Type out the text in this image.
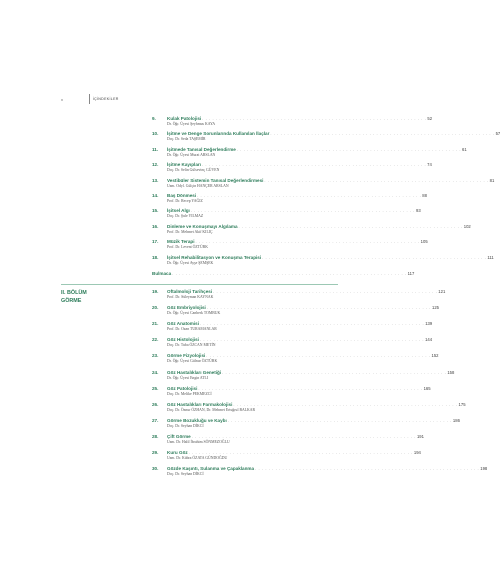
x	İÇİNDEKİLER
9. Kulak Patolojisi . . . . . . . . . . . . . . . . . . . . . . . . . . . . . . . . . . . . . . . . . . . . . . . . . . . . . . . . . . . . . . . . . . 52
Dr. Öğr. Üyesi Şeyhmus KAYA
10. İşitme ve Denge Sorunlarında Kullanılan İlaçlar . . . . . . . . . . . . . . . . . . . . . . . . . . . . . . . . . . . . . . . . . . . . . . . . . . . . . . . . . . . . . . . . . . 57
Doç. Dr. Seda TAŞEMİR
11. İşitmede Tanısal Değerlendirme . . . . . . . . . . . . . . . . . . . . . . . . . . . . . . . . . . . . . . . . . . . . . . . . . . . . . . . . . . . . . . . . . . 61
Dr. Öğr. Üyesi Murat ARSLAN
12. İşitme Kayıpları . . . . . . . . . . . . . . . . . . . . . . . . . . . . . . . . . . . . . . . . . . . . . . . . . . . . . . . . . . . . . . . . . . 74
Doç. Dr. Selin Gülsevinç GÜVEN
13. Vestibüler Sistemin Tanısal Değerlendirmesi . . . . . . . . . . . . . . . . . . . . . . . . . . . . . . . . . . . . . . . . . . . . . . . . . . . . . . . . . . . . . . . . . . 81
Uzm. Odyl. Gülçin HANÇER ARSLAN
14. Baş Dönmesi . . . . . . . . . . . . . . . . . . . . . . . . . . . . . . . . . . . . . . . . . . . . . . . . . . . . . . . . . . . . . . . . . . 88
Prof. Dr. Recep YAĞIZ
15. İşitsel Algı . . . . . . . . . . . . . . . . . . . . . . . . . . . . . . . . . . . . . . . . . . . . . . . . . . . . . . . . . . . . . . . . . . 93
Doç. Dr. Şule YILMAZ
16. Dinleme ve Konuşmayı Algılama . . . . . . . . . . . . . . . . . . . . . . . . . . . . . . . . . . . . . . . . . . . . . . . . . . . . . . . . . . . . . . . . . . 102
Prof. Dr. Mehmet Akif KILIÇ
17. Müzik Terapi . . . . . . . . . . . . . . . . . . . . . . . . . . . . . . . . . . . . . . . . . . . . . . . . . . . . . . . . . . . . . . . . . . 105
Prof. Dr. Levent ÖZTÜRK
18. İşitsel Rehabilitasyon ve Konuşma Terapisi . . . . . . . . . . . . . . . . . . . . . . . . . . . . . . . . . . . . . . . . . . . . . . . . . . . . . . . . . . . . . . . . . . 111
Dr. Öğr. Üyesi Ayşe ŞEMŞEK
Bulmaca . . . . . . . . . . . . . . . . . . . . . . . . . . . . . . . . . . . . . . . . . . . . . . . . . . . . . . . . . . . . . . . . . . . . . 117
II. BÖLÜM
GÖRME
19. Oftalmoloji Tarihçesi . . . . . . . . . . . . . . . . . . . . . . . . . . . . . . . . . . . . . . . . . . . . . . . . . . . . . . . . . . . . . . . . . . 121
Prof. Dr. Süleyman KAYNAK
20. Göz Embriyolojisi . . . . . . . . . . . . . . . . . . . . . . . . . . . . . . . . . . . . . . . . . . . . . . . . . . . . . . . . . . . . . . . . . . 125
Dr. Öğr. Üyesi Canberk TOMBUK
21. Göz Anatomisi . . . . . . . . . . . . . . . . . . . . . . . . . . . . . . . . . . . . . . . . . . . . . . . . . . . . . . . . . . . . . . . . . . 139
Prof. Dr. Ozan TURAMANLAR
22. Göz Histolojisi . . . . . . . . . . . . . . . . . . . . . . . . . . . . . . . . . . . . . . . . . . . . . . . . . . . . . . . . . . . . . . . . . . 144
Doç. Dr. Tuba ÖZCAN METİN
23. Görme Fizyolojisi . . . . . . . . . . . . . . . . . . . . . . . . . . . . . . . . . . . . . . . . . . . . . . . . . . . . . . . . . . . . . . . . . . 152
Dr. Öğr. Üyesi Gülnur ÖZTÜRK
24. Göz Hastalıkları Genetiği . . . . . . . . . . . . . . . . . . . . . . . . . . . . . . . . . . . . . . . . . . . . . . . . . . . . . . . . . . . . . . . . . . 158
Dr. Öğr. Üyesi Engin ATLI
25. Göz Patolojisi . . . . . . . . . . . . . . . . . . . . . . . . . . . . . . . . . . . . . . . . . . . . . . . . . . . . . . . . . . . . . . . . . . 165
Doç. Dr. Melike PEKMEZCİ
26. Göz Hastalıkları Farmakolojisi . . . . . . . . . . . . . . . . . . . . . . . . . . . . . . . . . . . . . . . . . . . . . . . . . . . . . . . . . . . . . . . . . . 175
Doç. Dr. Öznur ÖZHAN, Dr. Mehmet Ertuğrul BALKAR
27. Görme Bozukluğu ve Kaybı . . . . . . . . . . . . . . . . . . . . . . . . . . . . . . . . . . . . . . . . . . . . . . . . . . . . . . . . . . . . . . . . . . 186
Doç. Dr. Seyhan DİKCİ
28. Çift Görme . . . . . . . . . . . . . . . . . . . . . . . . . . . . . . . . . . . . . . . . . . . . . . . . . . . . . . . . . . . . . . . . . . 191
Uzm. Dr. Halil İbrahim SÖNMEZOĞLU
29. Kuru Göz . . . . . . . . . . . . . . . . . . . . . . . . . . . . . . . . . . . . . . . . . . . . . . . . . . . . . . . . . . . . . . . . . . 194
Uzm. Dr. Kübra ÖZATA GÜNDOĞDU
30. Gözde Kaşıntı, Sulanma ve Çapaklanma . . . . . . . . . . . . . . . . . . . . . . . . . . . . . . . . . . . . . . . . . . . . . . . . . . . . . . . . . . . . . . . . . . 198
Doç. Dr. Seyhan DİKCİ
